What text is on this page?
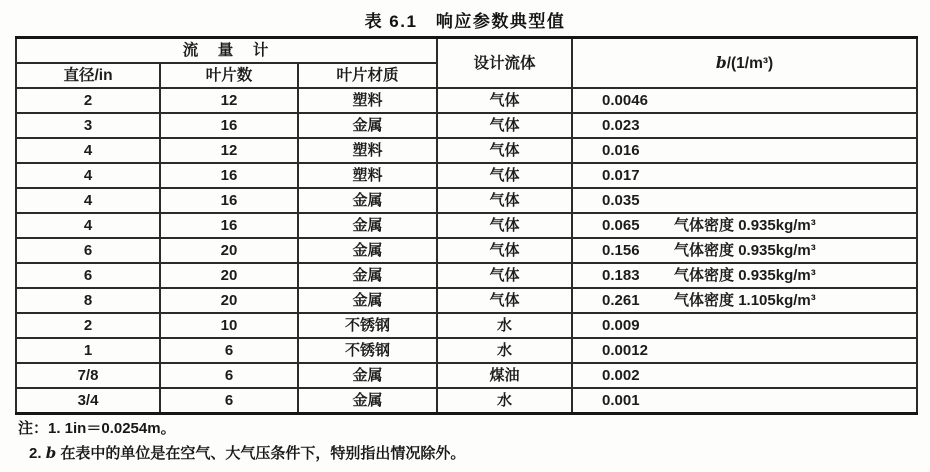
表 6.1　响应参数典型值
流　量　计			设计流体	b/(1/m³)
直径/in	叶片数	叶片材质		
2	12	塑料	气体	0.0046
3	16	金属	气体	0.023
4	12	塑料	气体	0.016
4	16	塑料	气体	0.017
4	16	金属	气体	0.035
4	16	金属	气体	0.065 气体密度 0.935kg/m³
6	20	金属	气体	0.156 气体密度 0.935kg/m³
6	20	金属	气体	0.183 气体密度 0.935kg/m³
8	20	金属	气体	0.261 气体密度 1.105kg/m³
2	10	不锈钢	水	0.009
1	6	不锈钢	水	0.0012
7/8	6	金属	煤油	0.002
3/4	6	金属	水	0.001
注：1. 1in＝0.0254m。
2. b 在表中的单位是在空气、大气压条件下，特别指出情况除外。
